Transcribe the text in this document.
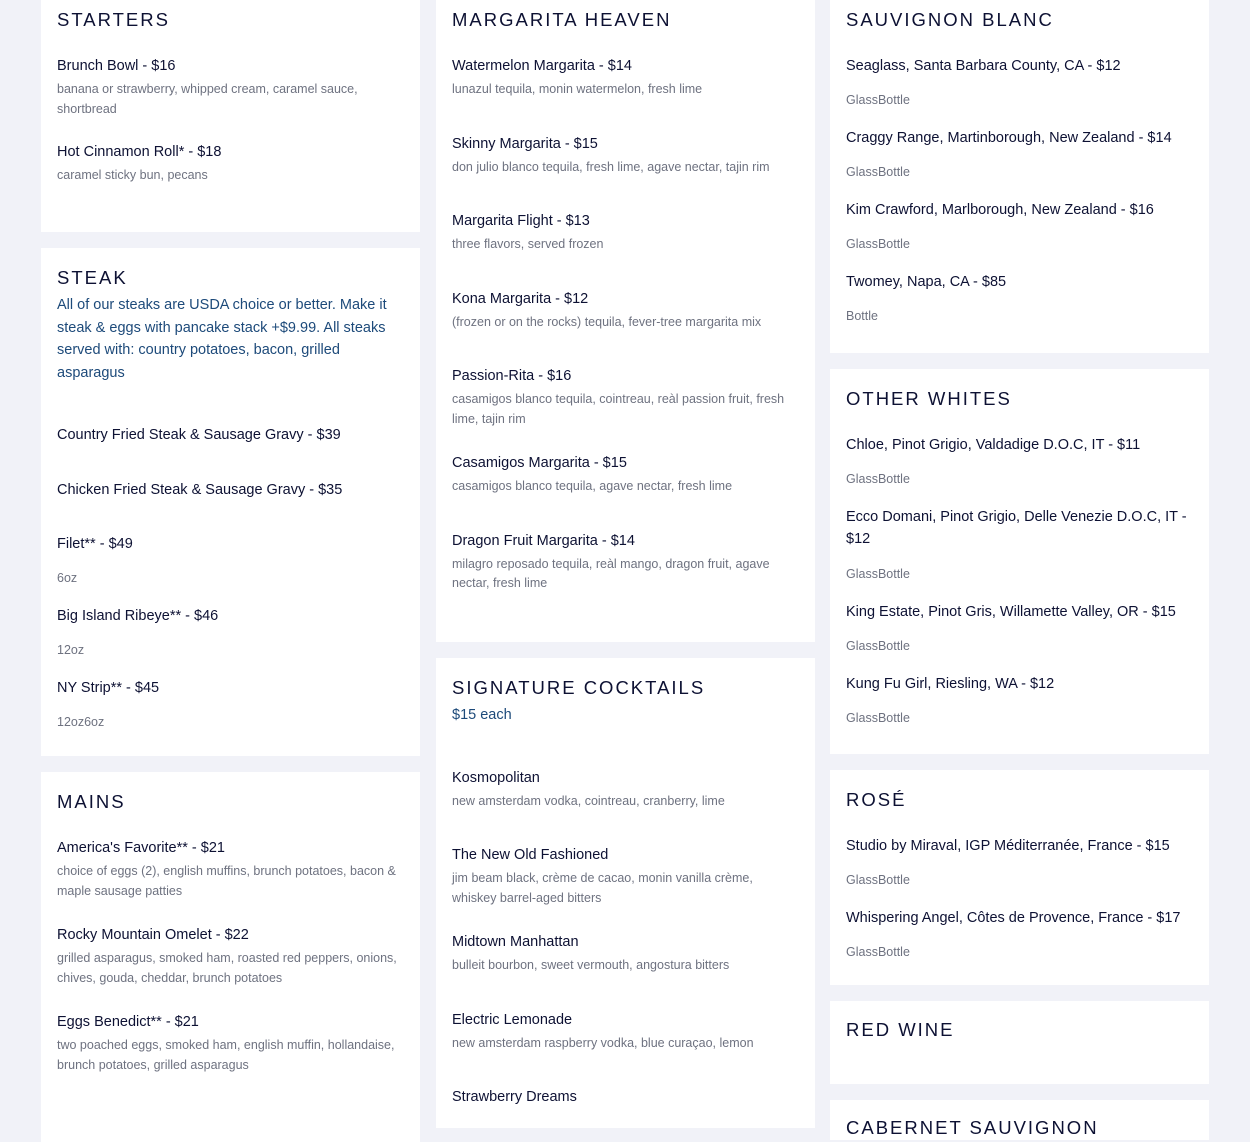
STARTERS
Brunch Bowl - $16
banana or strawberry, whipped cream, caramel sauce, shortbread
Hot Cinnamon Roll* - $18
caramel sticky bun, pecans
STEAK
All of our steaks are USDA choice or better. Make it steak & eggs with pancake stack +$9.99. All steaks served with: country potatoes, bacon, grilled asparagus
Country Fried Steak & Sausage Gravy - $39
Chicken Fried Steak & Sausage Gravy - $35
Filet** - $49
6oz
Big Island Ribeye** - $46
12oz
NY Strip** - $45
12oz6oz
MAINS
America's Favorite** - $21
choice of eggs (2), english muffins, brunch potatoes, bacon & maple sausage patties
Rocky Mountain Omelet - $22
grilled asparagus, smoked ham, roasted red peppers, onions, chives, gouda, cheddar, brunch potatoes
Eggs Benedict** - $21
two poached eggs, smoked ham, english muffin, hollandaise, brunch potatoes, grilled asparagus
MARGARITA HEAVEN
Watermelon Margarita - $14
lunazul tequila, monin watermelon, fresh lime
Skinny Margarita - $15
don julio blanco tequila, fresh lime, agave nectar, tajin rim
Margarita Flight - $13
three flavors, served frozen
Kona Margarita - $12
(frozen or on the rocks) tequila, fever-tree margarita mix
Passion-Rita - $16
casamigos blanco tequila, cointreau, reàl passion fruit, fresh lime, tajin rim
Casamigos Margarita - $15
casamigos blanco tequila, agave nectar, fresh lime
Dragon Fruit Margarita - $14
milagro reposado tequila, reàl mango, dragon fruit, agave nectar, fresh lime
SIGNATURE COCKTAILS
$15 each
Kosmopolitan
new amsterdam vodka, cointreau, cranberry, lime
The New Old Fashioned
jim beam black, crème de cacao, monin vanilla crème, whiskey barrel-aged bitters
Midtown Manhattan
bulleit bourbon, sweet vermouth, angostura bitters
Electric Lemonade
new amsterdam raspberry vodka, blue curaçao, lemon
Strawberry Dreams
SAUVIGNON BLANC
Seaglass, Santa Barbara County, CA - $12
GlassBottle
Craggy Range, Martinborough, New Zealand - $14
GlassBottle
Kim Crawford, Marlborough, New Zealand - $16
GlassBottle
Twomey, Napa, CA - $85
Bottle
OTHER WHITES
Chloe, Pinot Grigio, Valdadige D.O.C, IT - $11
GlassBottle
Ecco Domani, Pinot Grigio, Delle Venezie D.O.C, IT - $12
GlassBottle
King Estate, Pinot Gris, Willamette Valley, OR - $15
GlassBottle
Kung Fu Girl, Riesling, WA - $12
GlassBottle
ROSÉ
Studio by Miraval, IGP Méditerranée, France - $15
GlassBottle
Whispering Angel, Côtes de Provence, France - $17
GlassBottle
RED WINE
CABERNET SAUVIGNON
